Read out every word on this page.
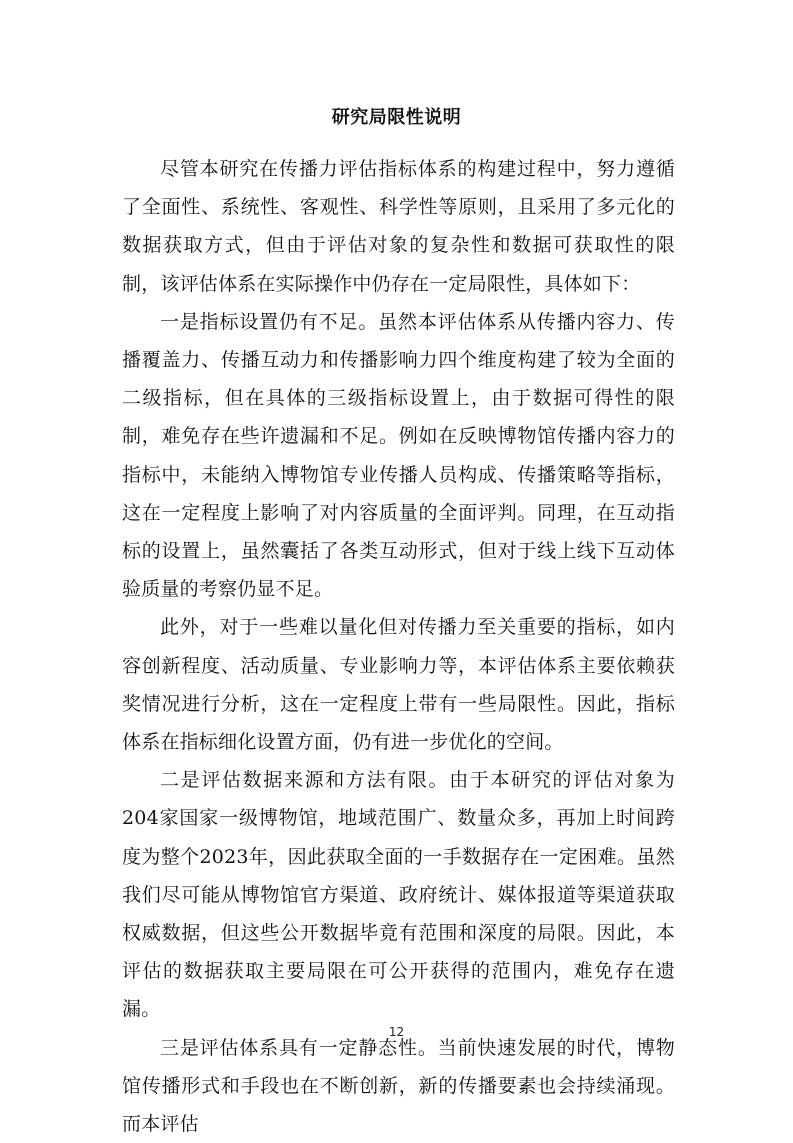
研究局限性说明

尽管本研究在传播力评估指标体系的构建过程中，努力遵循了全面性、系统性、客观性、科学性等原则，且采用了多元化的数据获取方式，但由于评估对象的复杂性和数据可获取性的限制，该评估体系在实际操作中仍存在一定局限性，具体如下：

一是指标设置仍有不足。虽然本评估体系从传播内容力、传播覆盖力、传播互动力和传播影响力四个维度构建了较为全面的二级指标，但在具体的三级指标设置上，由于数据可得性的限制，难免存在些许遗漏和不足。例如在反映博物馆传播内容力的指标中，未能纳入博物馆专业传播人员构成、传播策略等指标，这在一定程度上影响了对内容质量的全面评判。同理，在互动指标的设置上，虽然囊括了各类互动形式，但对于线上线下互动体验质量的考察仍显不足。

此外，对于一些难以量化但对传播力至关重要的指标，如内容创新程度、活动质量、专业影响力等，本评估体系主要依赖获奖情况进行分析，这在一定程度上带有一些局限性。因此，指标体系在指标细化设置方面，仍有进一步优化的空间。

二是评估数据来源和方法有限。由于本研究的评估对象为204家国家一级博物馆，地域范围广、数量众多，再加上时间跨度为整个2023年，因此获取全面的一手数据存在一定困难。虽然我们尽可能从博物馆官方渠道、政府统计、媒体报道等渠道获取权威数据，但这些公开数据毕竟有范围和深度的局限。因此，本评估的数据获取主要局限在可公开获得的范围内，难免存在遗漏。

三是评估体系具有一定静态性。当前快速发展的时代，博物馆传播形式和手段也在不断创新，新的传播要素也会持续涌现。而本评估

12
